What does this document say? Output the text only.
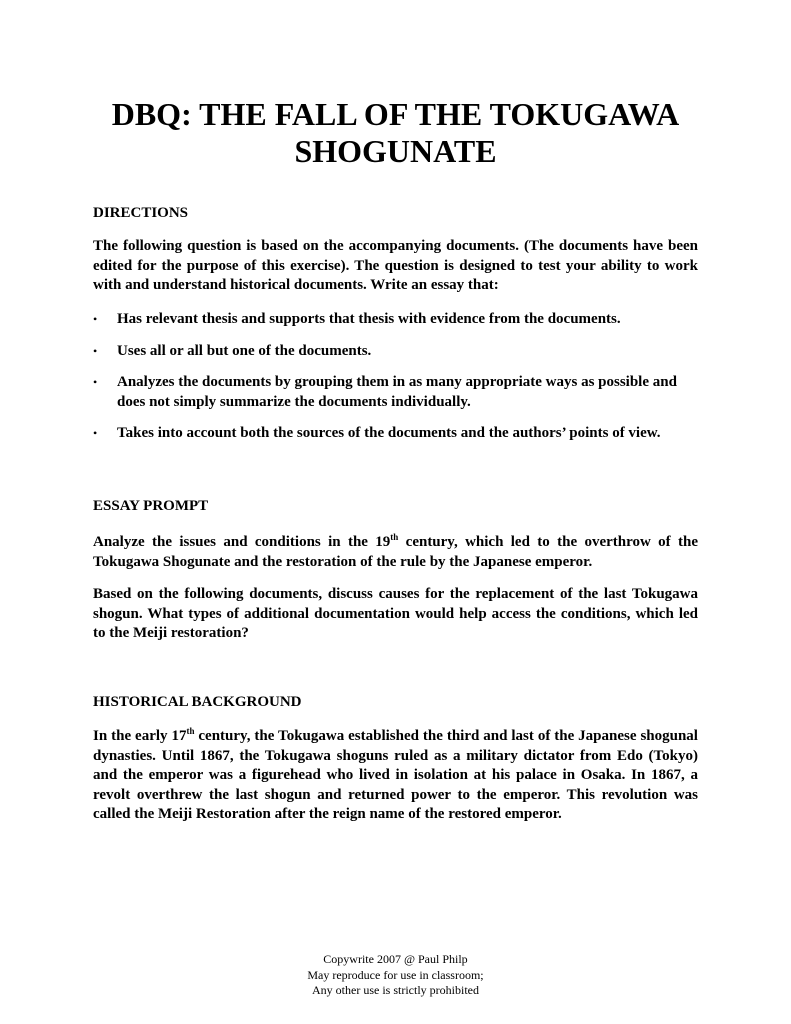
DBQ: THE FALL OF THE TOKUGAWA
SHOGUNATE
DIRECTIONS

The following question is based on the accompanying documents. (The documents have been edited for the purpose of this exercise). The question is designed to test your ability to work with and understand historical documents. Write an essay that:

• Has relevant thesis and supports that thesis with evidence from the documents.
• Uses all or all but one of the documents.
• Analyzes the documents by grouping them in as many appropriate ways as possible and does not simply summarize the documents individually.
• Takes into account both the sources of the documents and the authors’ points of view.
ESSAY PROMPT

Analyze the issues and conditions in the 19th century, which led to the overthrow of the Tokugawa Shogunate and the restoration of the rule by the Japanese emperor.

Based on the following documents, discuss causes for the replacement of the last Tokugawa shogun. What types of additional documentation would help access the conditions, which led to the Meiji restoration?

HISTORICAL BACKGROUND

In the early 17th century, the Tokugawa established the third and last of the Japanese shogunal dynasties. Until 1867, the Tokugawa shoguns ruled as a military dictator from Edo (Tokyo) and the emperor was a figurehead who lived in isolation at his palace in Osaka. In 1867, a revolt overthrew the last shogun and returned power to the emperor. This revolution was called the Meiji Restoration after the reign name of the restored emperor.

Copywrite 2007 @ Paul Philp
May reproduce for use in classroom;
Any other use is strictly prohibited
